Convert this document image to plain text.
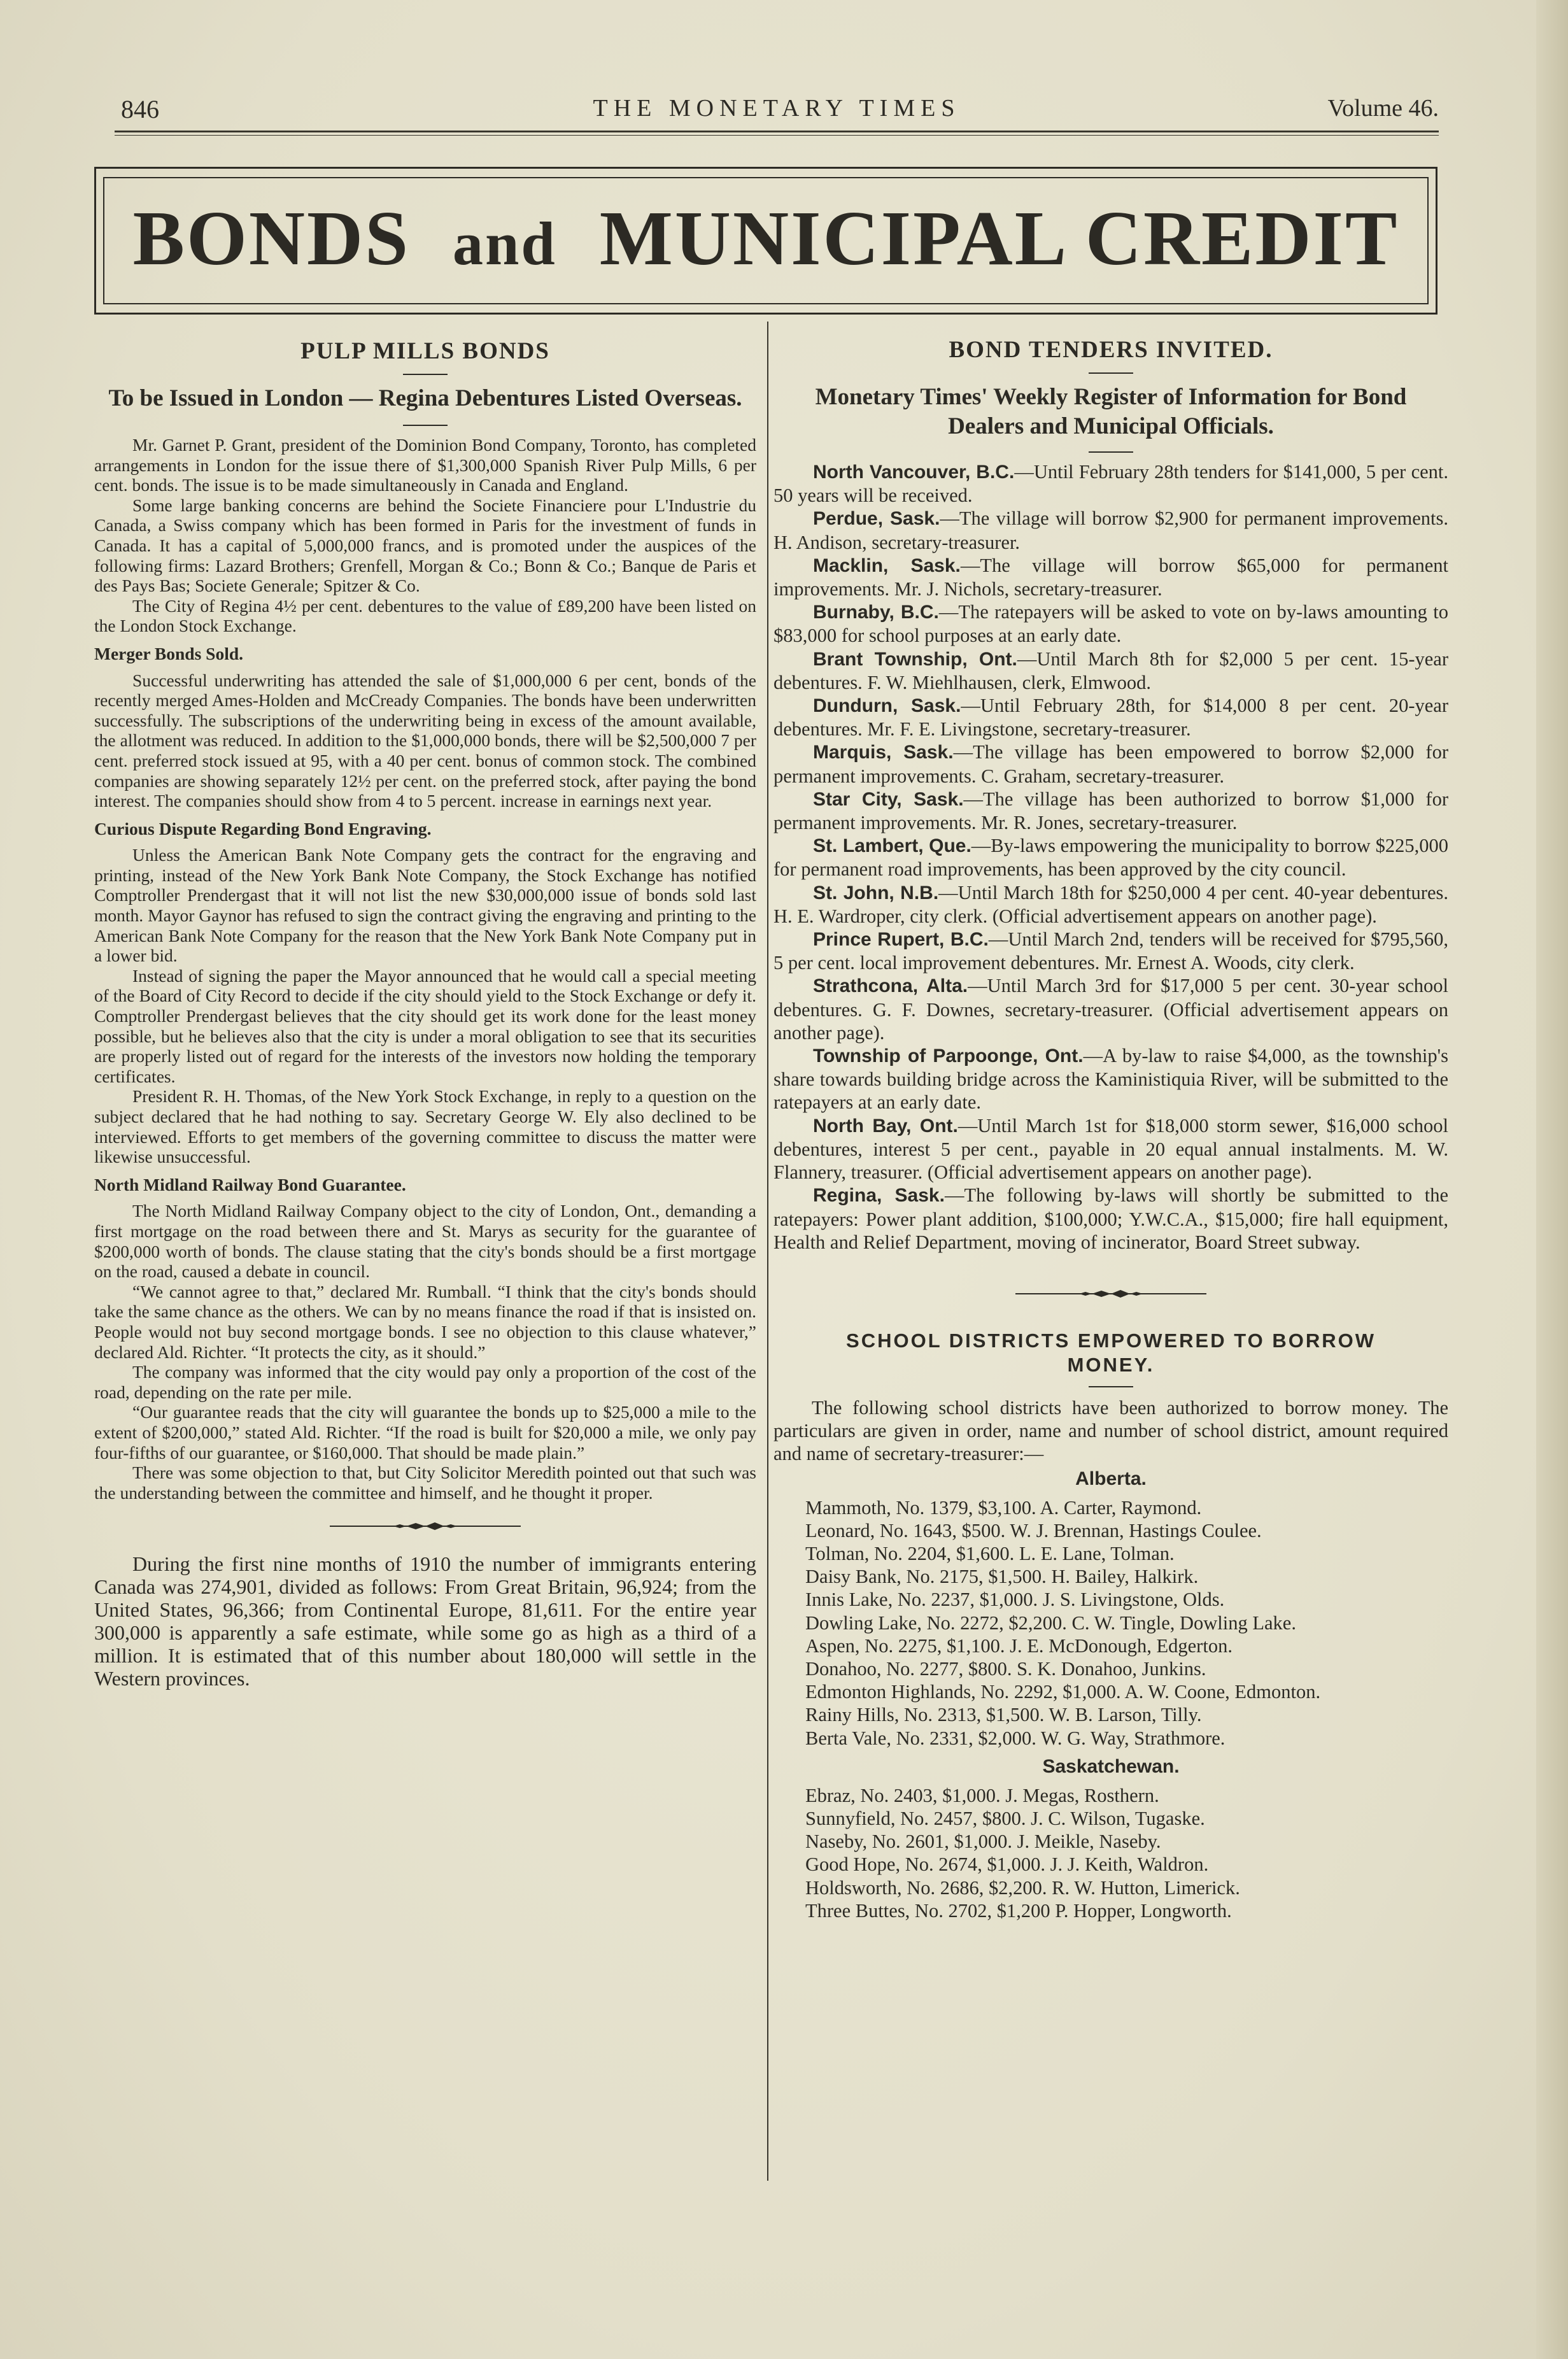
846	THE MONETARY TIMES	Volume 46.
BONDS and MUNICIPAL CREDIT
PULP MILLS BONDS
To be Issued in London — Regina Debentures Listed Overseas.

Mr. Garnet P. Grant, president of the Dominion Bond Company, Toronto, has completed arrangements in London for the issue there of $1,300,000 Spanish River Pulp Mills, 6 per cent. bonds. The issue is to be made simultaneously in Canada and England.

Some large banking concerns are behind the Societe Financiere pour L'Industrie du Canada, a Swiss company which has been formed in Paris for the investment of funds in Canada. It has a capital of 5,000,000 francs, and is promoted under the auspices of the following firms: Lazard Brothers; Grenfell, Morgan & Co.; Bonn & Co.; Banque de Paris et des Pays Bas; Societe Generale; Spitzer & Co.

The City of Regina 4½ per cent. debentures to the value of £89,200 have been listed on the London Stock Exchange.

Merger Bonds Sold.

Successful underwriting has attended the sale of $1,000,000 6 per cent, bonds of the recently merged Ames-Holden and McCready Companies. The bonds have been underwritten successfully. The subscriptions of the underwriting being in excess of the amount available, the allotment was reduced. In addition to the $1,000,000 bonds, there will be $2,500,000 7 per cent. preferred stock issued at 95, with a 40 per cent. bonus of common stock. The combined companies are showing separately 12½ per cent. on the preferred stock, after paying the bond interest. The companies should show from 4 to 5 percent. increase in earnings next year.

Curious Dispute Regarding Bond Engraving.

Unless the American Bank Note Company gets the contract for the engraving and printing, instead of the New York Bank Note Company, the Stock Exchange has notified Comptroller Prendergast that it will not list the new $30,000,000 issue of bonds sold last month. Mayor Gaynor has refused to sign the contract giving the engraving and printing to the American Bank Note Company for the reason that the New York Bank Note Company put in a lower bid.

Instead of signing the paper the Mayor announced that he would call a special meeting of the Board of City Record to decide if the city should yield to the Stock Exchange or defy it. Comptroller Prendergast believes that the city should get its work done for the least money possible, but he believes also that the city is under a moral obligation to see that its securities are properly listed out of regard for the interests of the investors now holding the temporary certificates.

President R. H. Thomas, of the New York Stock Exchange, in reply to a question on the subject declared that he had nothing to say. Secretary George W. Ely also declined to be interviewed. Efforts to get members of the governing committee to discuss the matter were likewise unsuccessful.

North Midland Railway Bond Guarantee.

The North Midland Railway Company object to the city of London, Ont., demanding a first mortgage on the road between there and St. Marys as security for the guarantee of $200,000 worth of bonds. The clause stating that the city's bonds should be a first mortgage on the road, caused a debate in council.

“We cannot agree to that,” declared Mr. Rumball. “I think that the city's bonds should take the same chance as the others. We can by no means finance the road if that is insisted on. People would not buy second mortgage bonds. I see no objection to this clause whatever,” declared Ald. Richter. “It protects the city, as it should.”

The company was informed that the city would pay only a proportion of the cost of the road, depending on the rate per mile.

“Our guarantee reads that the city will guarantee the bonds up to $25,000 a mile to the extent of $200,000,” stated Ald. Richter. “If the road is built for $20,000 a mile, we only pay four-fifths of our guarantee, or $160,000. That should be made plain.”

There was some objection to that, but City Solicitor Meredith pointed out that such was the understanding between the committee and himself, and he thought it proper.

During the first nine months of 1910 the number of immigrants entering Canada was 274,901, divided as follows: From Great Britain, 96,924; from the United States, 96,366; from Continental Europe, 81,611. For the entire year 300,000 is apparently a safe estimate, while some go as high as a third of a million. It is estimated that of this number about 180,000 will settle in the Western provinces.

BOND TENDERS INVITED.
Monetary Times' Weekly Register of Information for Bond Dealers and Municipal Officials.

North Vancouver, B.C.—Until February 28th tenders for $141,000, 5 per cent. 50 years will be received.

Perdue, Sask.—The village will borrow $2,900 for permanent improvements. H. Andison, secretary-treasurer.

Macklin, Sask.—The village will borrow $65,000 for permanent improvements. Mr. J. Nichols, secretary-treasurer.

Burnaby, B.C.—The ratepayers will be asked to vote on by-laws amounting to $83,000 for school purposes at an early date.

Brant Township, Ont.—Until March 8th for $2,000 5 per cent. 15-year debentures. F. W. Miehlhausen, clerk, Elmwood.

Dundurn, Sask.—Until February 28th, for $14,000 8 per cent. 20-year debentures. Mr. F. E. Livingstone, secretary-treasurer.

Marquis, Sask.—The village has been empowered to borrow $2,000 for permanent improvements. C. Graham, secretary-treasurer.

Star City, Sask.—The village has been authorized to borrow $1,000 for permanent improvements. Mr. R. Jones, secretary-treasurer.

St. Lambert, Que.—By-laws empowering the municipality to borrow $225,000 for permanent road improvements, has been approved by the city council.

St. John, N.B.—Until March 18th for $250,000 4 per cent. 40-year debentures. H. E. Wardroper, city clerk. (Official advertisement appears on another page).

Prince Rupert, B.C.—Until March 2nd, tenders will be received for $795,560, 5 per cent. local improvement debentures. Mr. Ernest A. Woods, city clerk.

Strathcona, Alta.—Until March 3rd for $17,000 5 per cent. 30-year school debentures. G. F. Downes, secretary-treasurer. (Official advertisement appears on another page).

Township of Parpoonge, Ont.—A by-law to raise $4,000, as the township's share towards building bridge across the Kaministiquia River, will be submitted to the ratepayers at an early date.

North Bay, Ont.—Until March 1st for $18,000 storm sewer, $16,000 school debentures, interest 5 per cent., payable in 20 equal annual instalments. M. W. Flannery, treasurer. (Official advertisement appears on another page).

Regina, Sask.—The following by-laws will shortly be submitted to the ratepayers: Power plant addition, $100,000; Y.W.C.A., $15,000; fire hall equipment, Health and Relief Department, moving of incinerator, Board Street subway.

SCHOOL DISTRICTS EMPOWERED TO BORROW MONEY.

The following school districts have been authorized to borrow money. The particulars are given in order, name and number of school district, amount required and name of secretary-treasurer:—

Alberta.

Mammoth, No. 1379, $3,100. A. Carter, Raymond.

Leonard, No. 1643, $500. W. J. Brennan, Hastings Coulee.

Tolman, No. 2204, $1,600. L. E. Lane, Tolman.

Daisy Bank, No. 2175, $1,500. H. Bailey, Halkirk.

Innis Lake, No. 2237, $1,000. J. S. Livingstone, Olds.

Dowling Lake, No. 2272, $2,200. C. W. Tingle, Dowling Lake.

Aspen, No. 2275, $1,100. J. E. McDonough, Edgerton.

Donahoo, No. 2277, $800. S. K. Donahoo, Junkins.

Edmonton Highlands, No. 2292, $1,000. A. W. Coone, Edmonton.

Rainy Hills, No. 2313, $1,500. W. B. Larson, Tilly.

Berta Vale, No. 2331, $2,000. W. G. Way, Strathmore.

Saskatchewan.

Ebraz, No. 2403, $1,000. J. Megas, Rosthern.

Sunnyfield, No. 2457, $800. J. C. Wilson, Tugaske.

Naseby, No. 2601, $1,000. J. Meikle, Naseby.

Good Hope, No. 2674, $1,000. J. J. Keith, Waldron.

Holdsworth, No. 2686, $2,200. R. W. Hutton, Limerick.

Three Buttes, No. 2702, $1,200 P. Hopper, Longworth.
